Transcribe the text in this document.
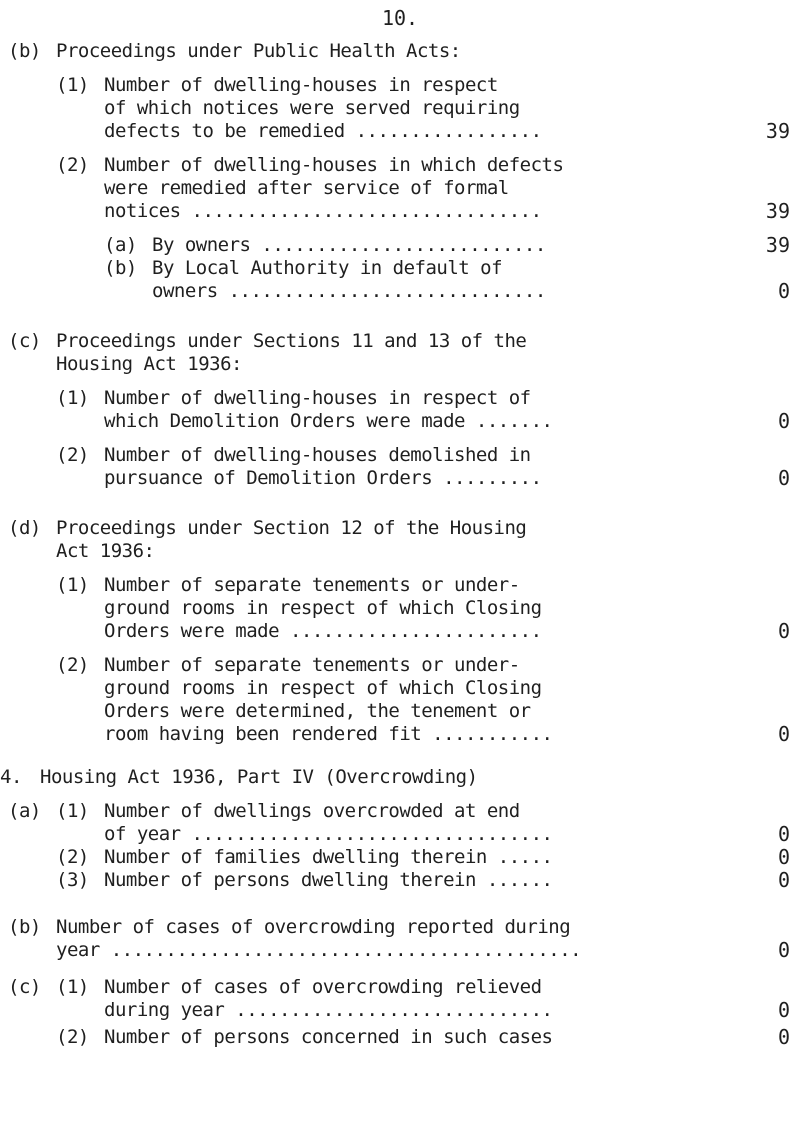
10.
(b) Proceedings under Public Health Acts:
(1) Number of dwelling-houses in respect
of which notices were served requiring
defects to be remedied .................	39
(2) Number of dwelling-houses in which defects
were remedied after service of formal
notices ................................	39
(a) By owners ..........................	39
(b) By Local Authority in default of
owners .............................	0
(c) Proceedings under Sections 11 and 13 of the
Housing Act 1936:
(1) Number of dwelling-houses in respect of
which Demolition Orders were made .......	0
(2) Number of dwelling-houses demolished in
pursuance of Demolition Orders .........	0
(d) Proceedings under Section 12 of the Housing
Act 1936:
(1) Number of separate tenements or under-
ground rooms in respect of which Closing
Orders were made .......................	0
(2) Number of separate tenements or under-
ground rooms in respect of which Closing
Orders were determined, the tenement or
room having been rendered fit ...........	0
4. Housing Act 1936, Part IV (Overcrowding)
(a) (1) Number of dwellings overcrowded at end
of year .................................	0
(2) Number of families dwelling therein .....	0
(3) Number of persons dwelling therein ......	0
(b) Number of cases of overcrowding reported during
year ...........................................	0
(c) (1) Number of cases of overcrowding relieved
during year .............................	0
(2) Number of persons concerned in such cases	0
